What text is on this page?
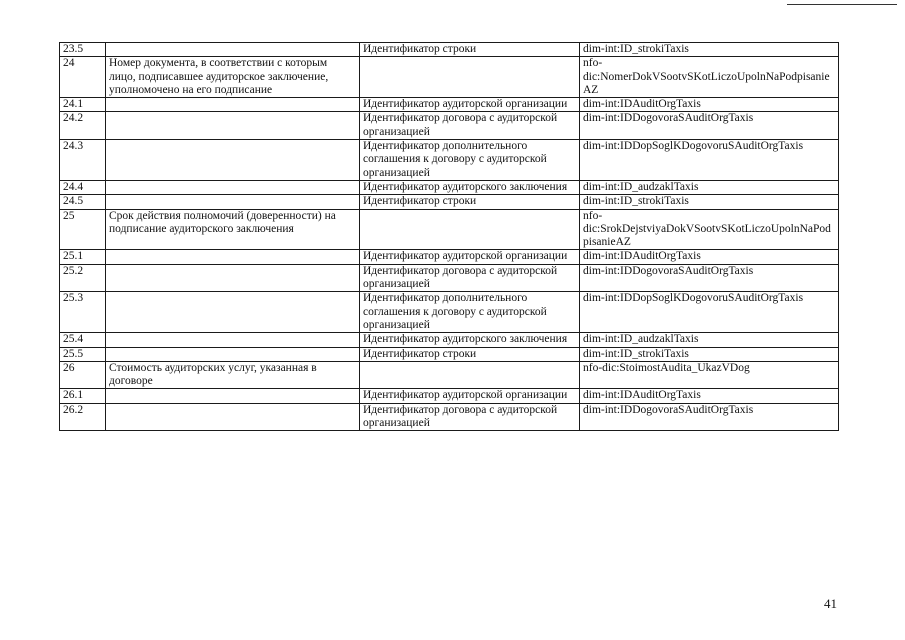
23.5		Идентификатор строки	dim-int:ID_strokiTaxis
24	Номер документа, в соответствии с которым лицо, подписавшее аудиторское заключение, уполномочено на его подписание		nfo-dic:NomerDokVSootvSKotLiczoUpolnNaPodpisanieAZ
24.1		Идентификатор аудиторской организации	dim-int:IDAuditOrgTaxis
24.2		Идентификатор договора с аудиторской организацией	dim-int:IDDogovoraSAuditOrgTaxis
24.3		Идентификатор дополнительного соглашения к договору с аудиторской организацией	dim-int:IDDopSoglKDogovoruSAuditOrgTaxis
24.4		Идентификатор аудиторского заключения	dim-int:ID_audzaklTaxis
24.5		Идентификатор строки	dim-int:ID_strokiTaxis
25	Срок действия полномочий (доверенности) на подписание аудиторского заключения		nfo-dic:SrokDejstviyaDokVSootvSKotLiczoUpolnNaPodpisanieAZ
25.1		Идентификатор аудиторской организации	dim-int:IDAuditOrgTaxis
25.2		Идентификатор договора с аудиторской организацией	dim-int:IDDogovoraSAuditOrgTaxis
25.3		Идентификатор дополнительного соглашения к договору с аудиторской организацией	dim-int:IDDopSoglKDogovoruSAuditOrgTaxis
25.4		Идентификатор аудиторского заключения	dim-int:ID_audzaklTaxis
25.5		Идентификатор строки	dim-int:ID_strokiTaxis
26	Стоимость аудиторских услуг, указанная в договоре		nfo-dic:StoimostAudita_UkazVDog
26.1		Идентификатор аудиторской организации	dim-int:IDAuditOrgTaxis
26.2		Идентификатор договора с аудиторской организацией	dim-int:IDDogovoraSAuditOrgTaxis
41
